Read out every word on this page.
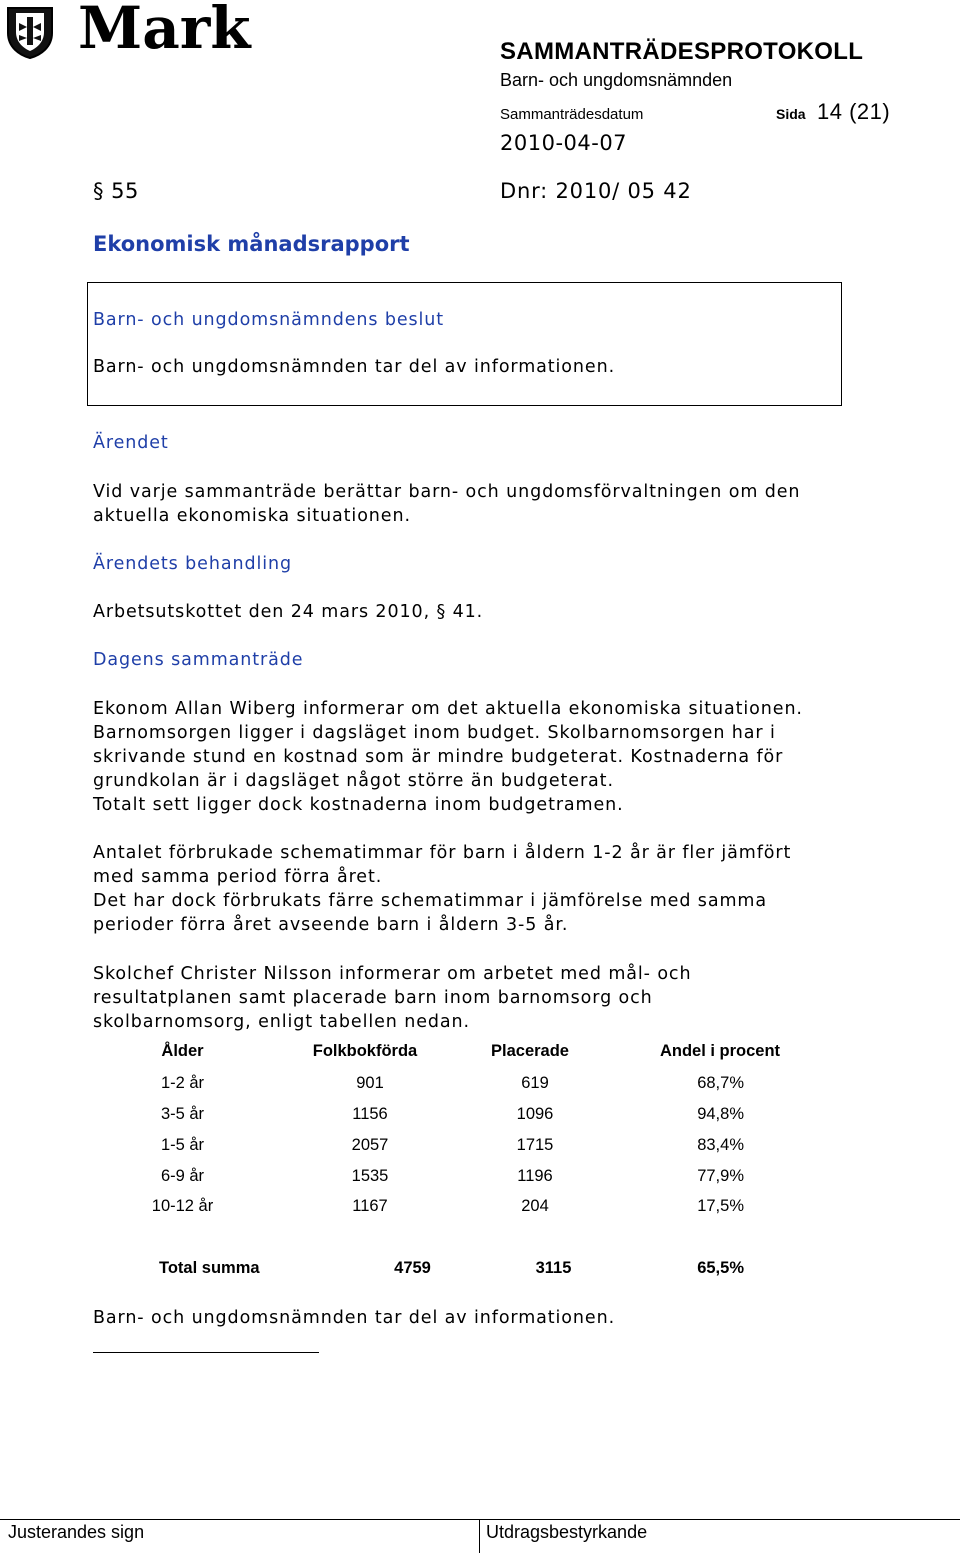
Mark	SAMMANTRÄDESPROTOKOLL
Barn- och ungdomsnämnden
Sammanträdesdatum	Sida 14 (21)
2010-04-07
§ 55	Dnr: 2010/ 05 42
Ekonomisk månadsrapport
Barn- och ungdomsnämndens beslut
Barn- och ungdomsnämnden tar del av informationen.
Ärendet
Vid varje sammanträde berättar barn- och ungdomsförvaltningen om den
aktuella ekonomiska situationen.
Ärendets behandling
Arbetsutskottet den 24 mars 2010, § 41.
Dagens sammanträde
Ekonom Allan Wiberg informerar om det aktuella ekonomiska situationen.
Barnomsorgen ligger i dagsläget inom budget. Skolbarnomsorgen har i
skrivande stund en kostnad som är mindre budgeterat. Kostnaderna för
grundkolan är i dagsläget något större än budgeterat.
Totalt sett ligger dock kostnaderna inom budgetramen.
Antalet förbrukade schematimmar för barn i åldern 1-2 år är fler jämfört
med samma period förra året.
Det har dock förbrukats färre schematimmar i jämförelse med samma
perioder förra året avseende barn i åldern 3-5 år.
Skolchef Christer Nilsson informerar om arbetet med mål- och
resultatplanen samt placerade barn inom barnomsorg och
skolbarnomsorg, enligt tabellen nedan.
Ålder	Folkbokförda	Placerade	Andel i procent
1-2 år	901	619	68,7%
3-5 år	1156	1096	94,8%
1-5 år	2057	1715	83,4%
6-9 år	1535	1196	77,9%
10-12 år	1167	204	17,5%
Total summa	4759	3115	65,5%
Barn- och ungdomsnämnden tar del av informationen.
Justerandes sign	Utdragsbestyrkande
